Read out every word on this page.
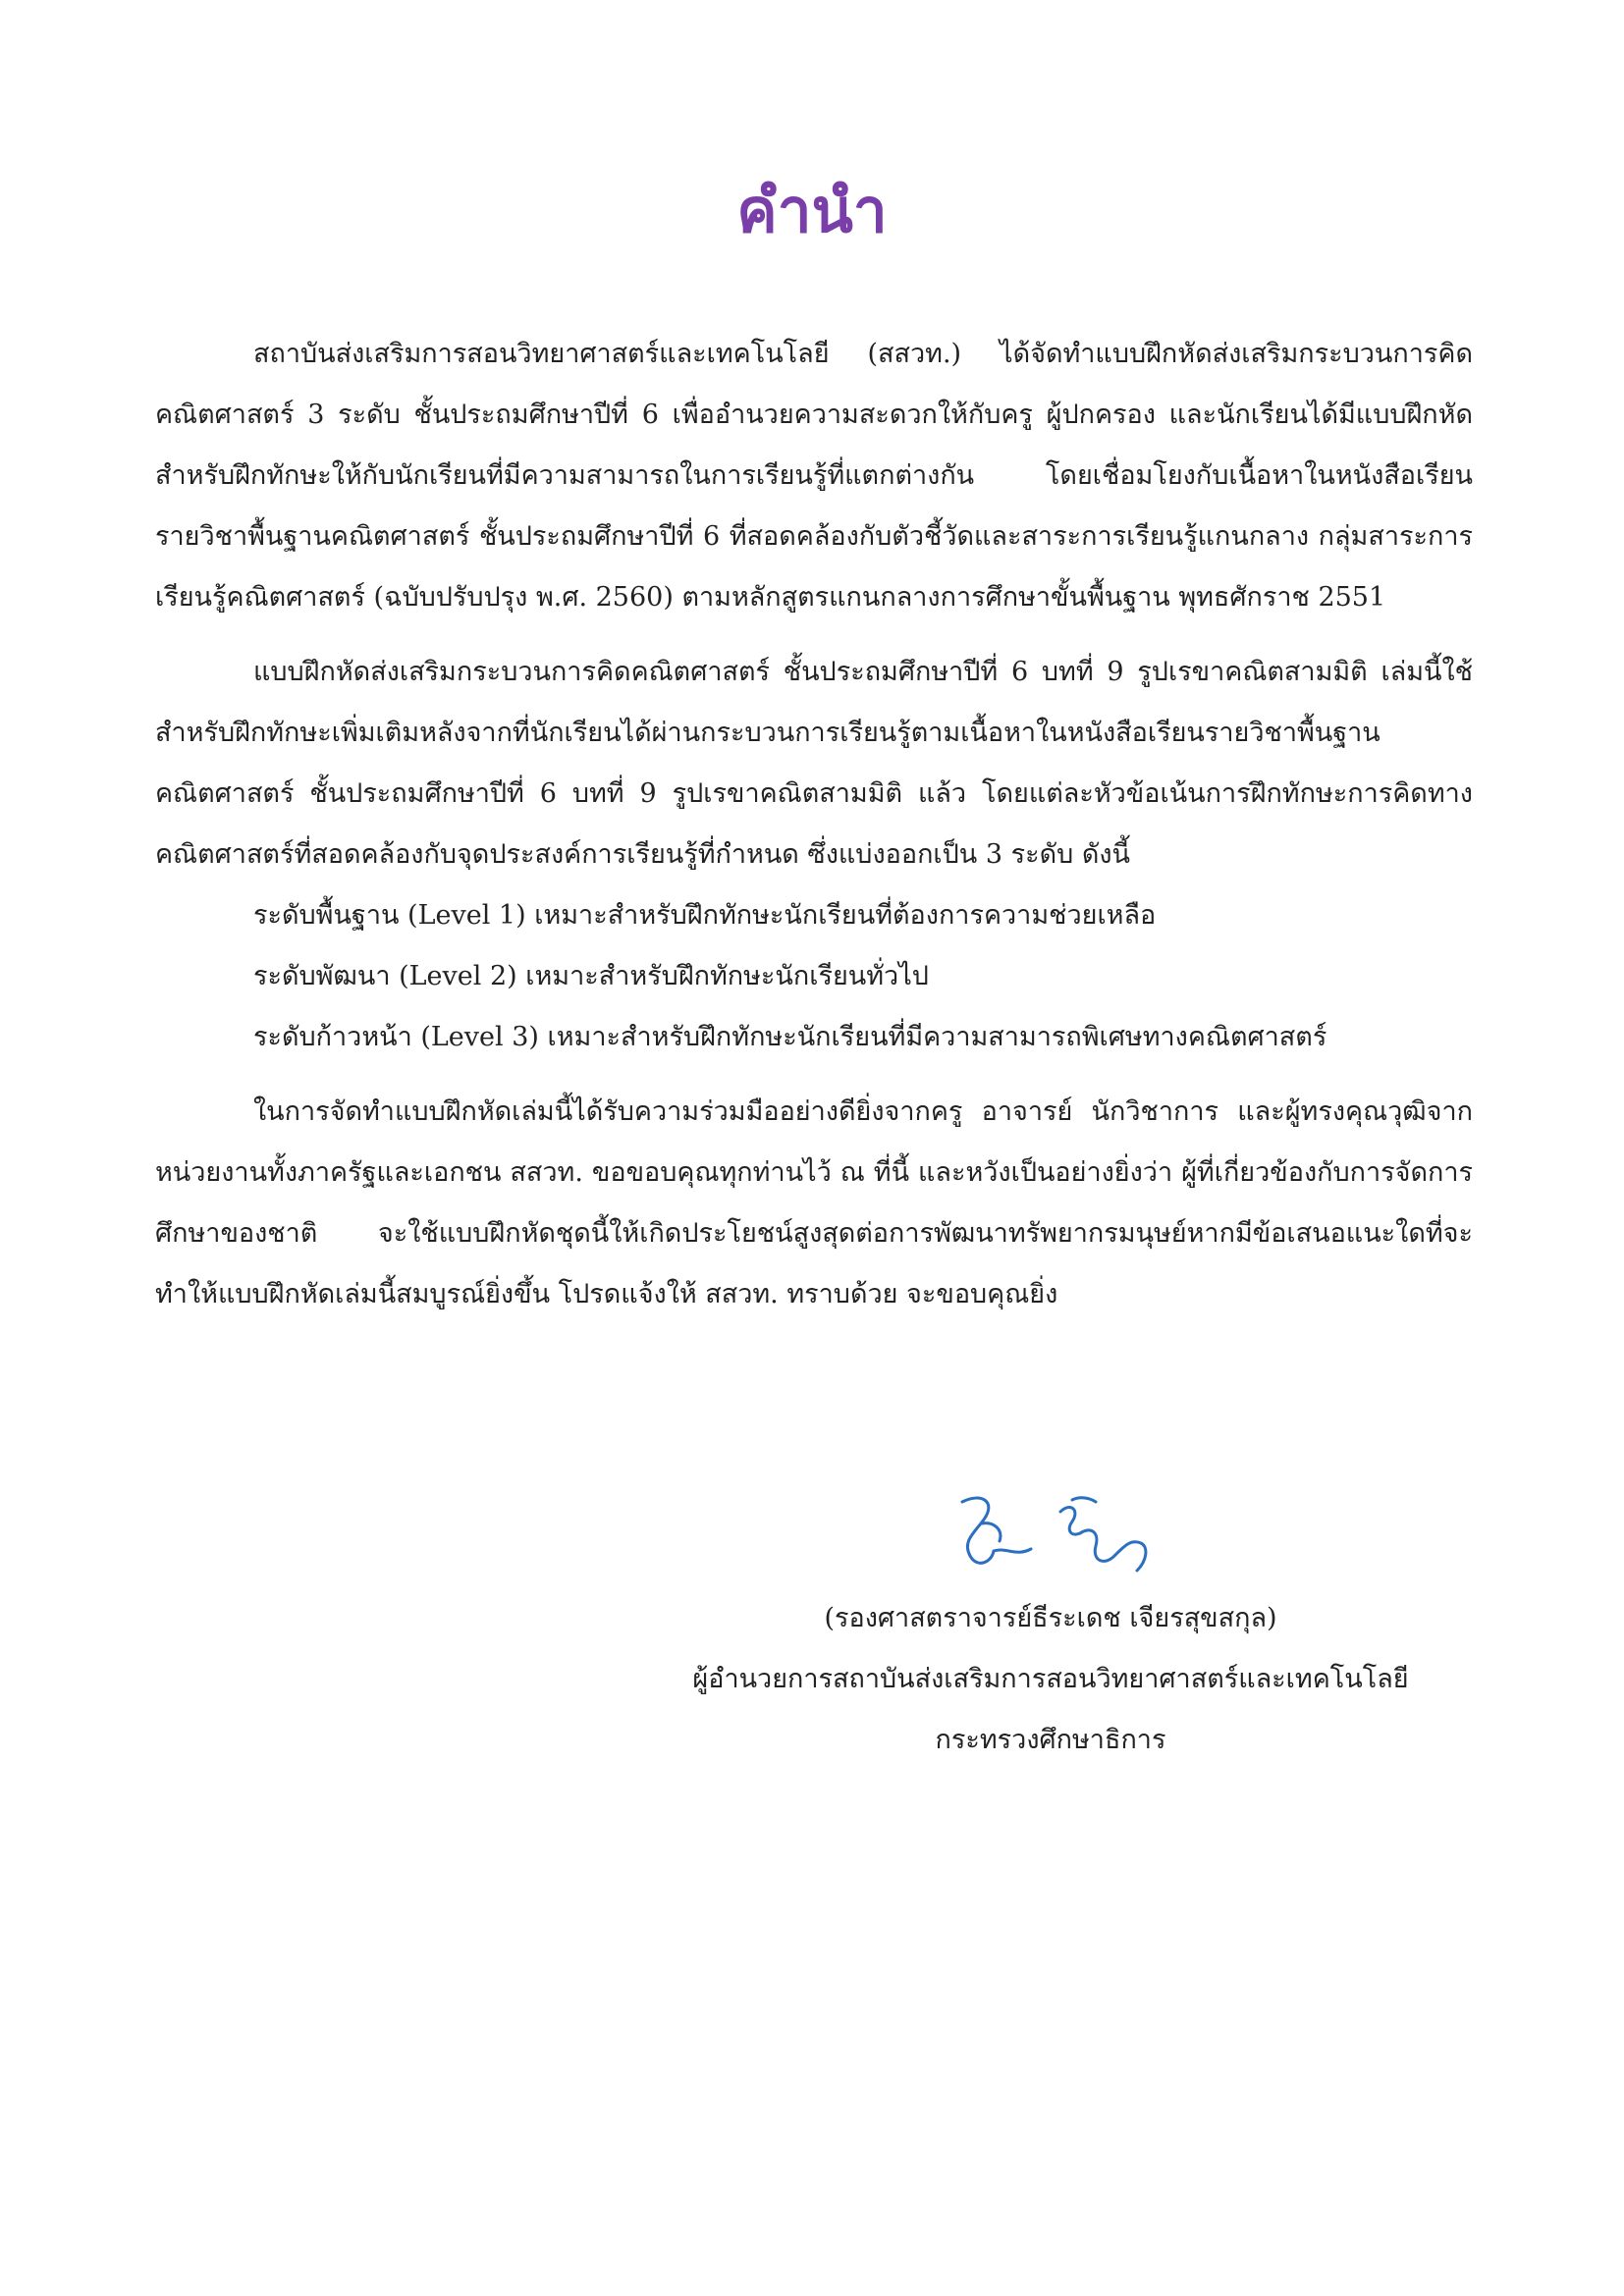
คำนำ

สถาบันส่งเสริมการสอนวิทยาศาสตร์และเทคโนโลยี (สสวท.) ได้จัดทำแบบฝึกหัดส่งเสริมกระบวนการคิดคณิตศาสตร์ 3 ระดับ ชั้นประถมศึกษาปีที่ 6 เพื่ออำนวยความสะดวกให้กับครู ผู้ปกครอง และนักเรียนได้มีแบบฝึกหัดสำหรับฝึกทักษะให้กับนักเรียนที่มีความสามารถในการเรียนรู้ที่แตกต่างกัน โดยเชื่อมโยงกับเนื้อหาในหนังสือเรียนรายวิชาพื้นฐานคณิตศาสตร์ ชั้นประถมศึกษาปีที่ 6 ที่สอดคล้องกับตัวชี้วัดและสาระการเรียนรู้แกนกลาง กลุ่มสาระการเรียนรู้คณิตศาสตร์ (ฉบับปรับปรุง พ.ศ. 2560) ตามหลักสูตรแกนกลางการศึกษาขั้นพื้นฐาน พุทธศักราช 2551

แบบฝึกหัดส่งเสริมกระบวนการคิดคณิตศาสตร์ ชั้นประถมศึกษาปีที่ 6 บทที่ 9 รูปเรขาคณิตสามมิติ เล่มนี้ใช้สำหรับฝึกทักษะเพิ่มเติมหลังจากที่นักเรียนได้ผ่านกระบวนการเรียนรู้ตามเนื้อหาในหนังสือเรียนรายวิชาพื้นฐานคณิตศาสตร์ ชั้นประถมศึกษาปีที่ 6 บทที่ 9 รูปเรขาคณิตสามมิติ แล้ว โดยแต่ละหัวข้อเน้นการฝึกทักษะการคิดทางคณิตศาสตร์ที่สอดคล้องกับจุดประสงค์การเรียนรู้ที่กำหนด ซึ่งแบ่งออกเป็น 3 ระดับ ดังนี้

ระดับพื้นฐาน (Level 1) เหมาะสำหรับฝึกทักษะนักเรียนที่ต้องการความช่วยเหลือ
ระดับพัฒนา (Level 2) เหมาะสำหรับฝึกทักษะนักเรียนทั่วไป
ระดับก้าวหน้า (Level 3) เหมาะสำหรับฝึกทักษะนักเรียนที่มีความสามารถพิเศษทางคณิตศาสตร์

ในการจัดทำแบบฝึกหัดเล่มนี้ได้รับความร่วมมืออย่างดียิ่งจากครู อาจารย์ นักวิชาการ และผู้ทรงคุณวุฒิจากหน่วยงานทั้งภาครัฐและเอกชน สสวท. ขอขอบคุณทุกท่านไว้ ณ ที่นี้ และหวังเป็นอย่างยิ่งว่า ผู้ที่เกี่ยวข้องกับการจัดการศึกษาของชาติ จะใช้แบบฝึกหัดชุดนี้ให้เกิดประโยชน์สูงสุดต่อการพัฒนาทรัพยากรมนุษย์หากมีข้อเสนอแนะใดที่จะทำให้แบบฝึกหัดเล่มนี้สมบูรณ์ยิ่งขึ้น โปรดแจ้งให้ สสวท. ทราบด้วย จะขอบคุณยิ่ง

(รองศาสตราจารย์ธีระเดช เจียรสุขสกุล)

ผู้อำนวยการสถาบันส่งเสริมการสอนวิทยาศาสตร์และเทคโนโลยี

กระทรวงศึกษาธิการ
